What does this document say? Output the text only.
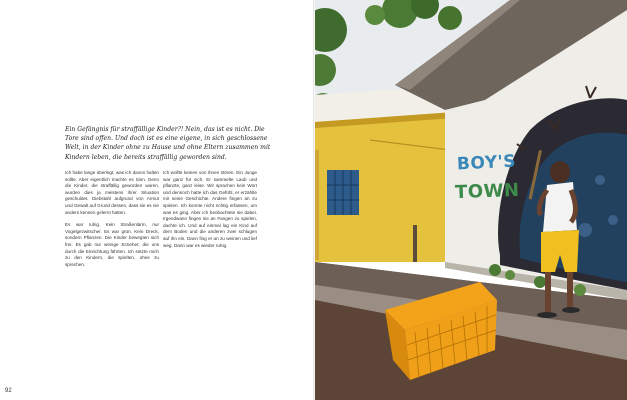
Ein Gefängnis für straffällige Kinder?! Nein, das ist es nicht. Die Tore sind offen. Und doch ist es eine eigene, in sich geschlossene Welt, in der Kinder ohne zu Hause und ohne Eltern zusammen mit Kindern leben, die bereits straffällig geworden sind.

Ich habe lange überlegt, was ich davon halten sollte. Aber eigentlich machte es Sinn. Denn die Kinder, die straffällig geworden waren, wurden dies ja meistens ihrer Situation geschuldet. Diebstahl aufgrund von Armut und Gewalt auf Grund dessen, dass sie es nie anders kennen gelernt hatten.

Es war ruhig. Kein Straßenlärm, nur Vogelgezwitscher. Es war grün. Kein Dreck, sondern Pflanzen. Die Kinder bewegten sich frei. Es gab nur wenige Erzieher, die uns durch die Einrichtung führten. Ich setzte mich zu den Kindern, die spielten, ohne zu sprechen.

Ich wollte keinen von ihnen stören. Ein Junge war ganz für sich. Er sammelte Laub und pflanzte, ganz leise. Wir sprachen kein Wort und dennoch hatte ich das Gefühl, er erzählte mir seine Geschichte. Andere fingen an zu spielen. Ich konnte nicht richtig erfassen, um was es ging. Aber ich beobachtete sie dabei. Irgendwann fingen sie an Fangen zu spielen, dachte ich. Und auf einmal lag ein Kind auf dem Boden und die anderen zwei schlugen auf ihn ein. Dann fing er an zu weinen und lief weg. Dann war es wieder ruhig.

92
BOY'S
TOWN
